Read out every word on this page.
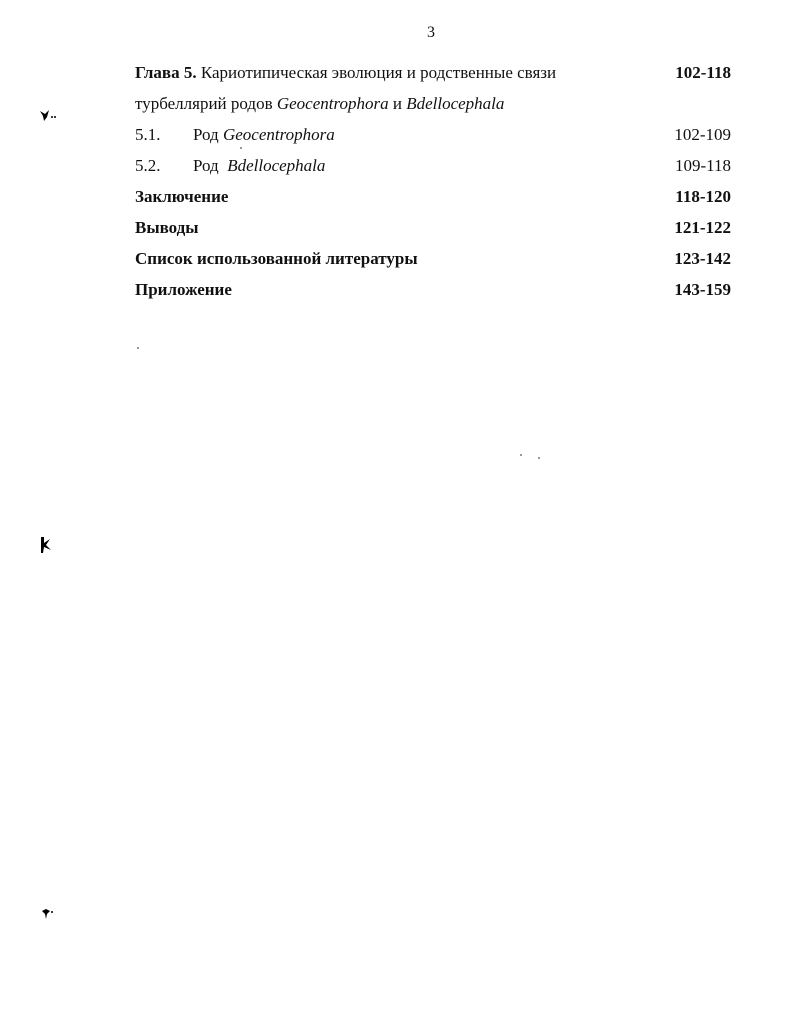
3
Глава 5. Кариотипическая эволюция и родственные связи	102-118
турбеллярий родов Geocentrophora и Bdellocephala
5.1. Род Geocentrophora	102-109
5.2. Род Bdellocephala	109-118
Заключение	118-120
Выводы	121-122
Список использованной литературы	123-142
Приложение	143-159
